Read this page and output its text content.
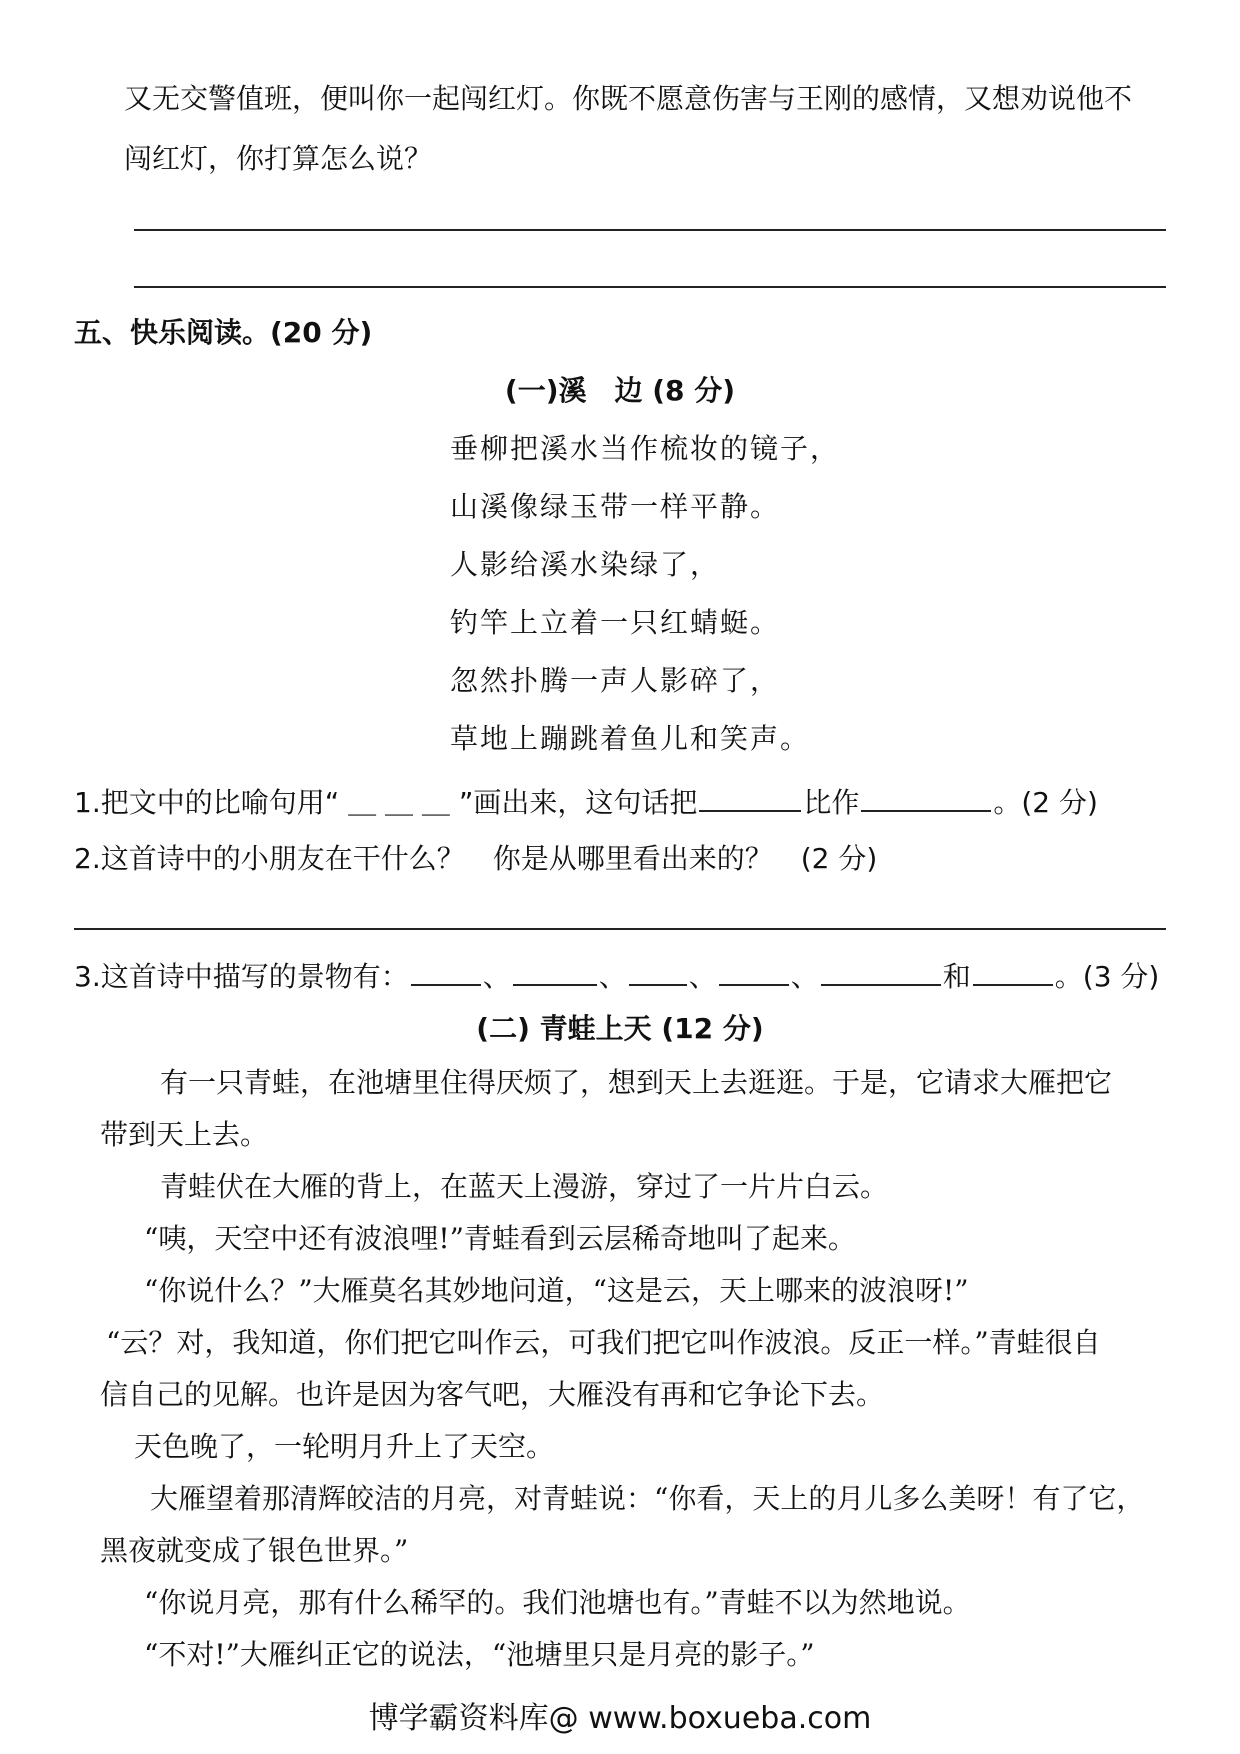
又无交警值班，便叫你一起闯红灯。你既不愿意伤害与王刚的感情，又想劝说他不
闯红灯，你打算怎么说？
五、快乐阅读。(20 分)
(一)溪　边 (8 分)
垂柳把溪水当作梳妆的镜子，
山溪像绿玉带一样平静。
人影给溪水染绿了，
钓竿上立着一只红蜻蜓。
忽然扑腾一声人影碎了，
草地上蹦跳着鱼儿和笑声。
1.把文中的比喻句用“ ＿ ＿ ＿ ”画出来，这句话把	比作	。(2 分)
2.这首诗中的小朋友在干什么？　你是从哪里看出来的？　(2 分)
3.这首诗中描写的景物有：	、	、 、	、	和	。(3 分)
(二) 青蛙上天 (12 分)
有一只青蛙，在池塘里住得厌烦了，想到天上去逛逛。于是，它请求大雁把它
带到天上去。
青蛙伏在大雁的背上，在蓝天上漫游，穿过了一片片白云。
“咦，天空中还有波浪哩!”青蛙看到云层稀奇地叫了起来。
“你说什么？”大雁莫名其妙地问道，“这是云，天上哪来的波浪呀!”
“云？对，我知道，你们把它叫作云，可我们把它叫作波浪。反正一样。”青蛙很自
信自己的见解。也许是因为客气吧，大雁没有再和它争论下去。
天色晚了，一轮明月升上了天空。
大雁望着那清辉皎洁的月亮，对青蛙说：“你看，天上的月儿多么美呀！有了它，
黑夜就变成了银色世界。”
“你说月亮，那有什么稀罕的。我们池塘也有。”青蛙不以为然地说。
“不对!”大雁纠正它的说法，“池塘里只是月亮的影子。”
博学霸资料库@ www.boxueba.com
